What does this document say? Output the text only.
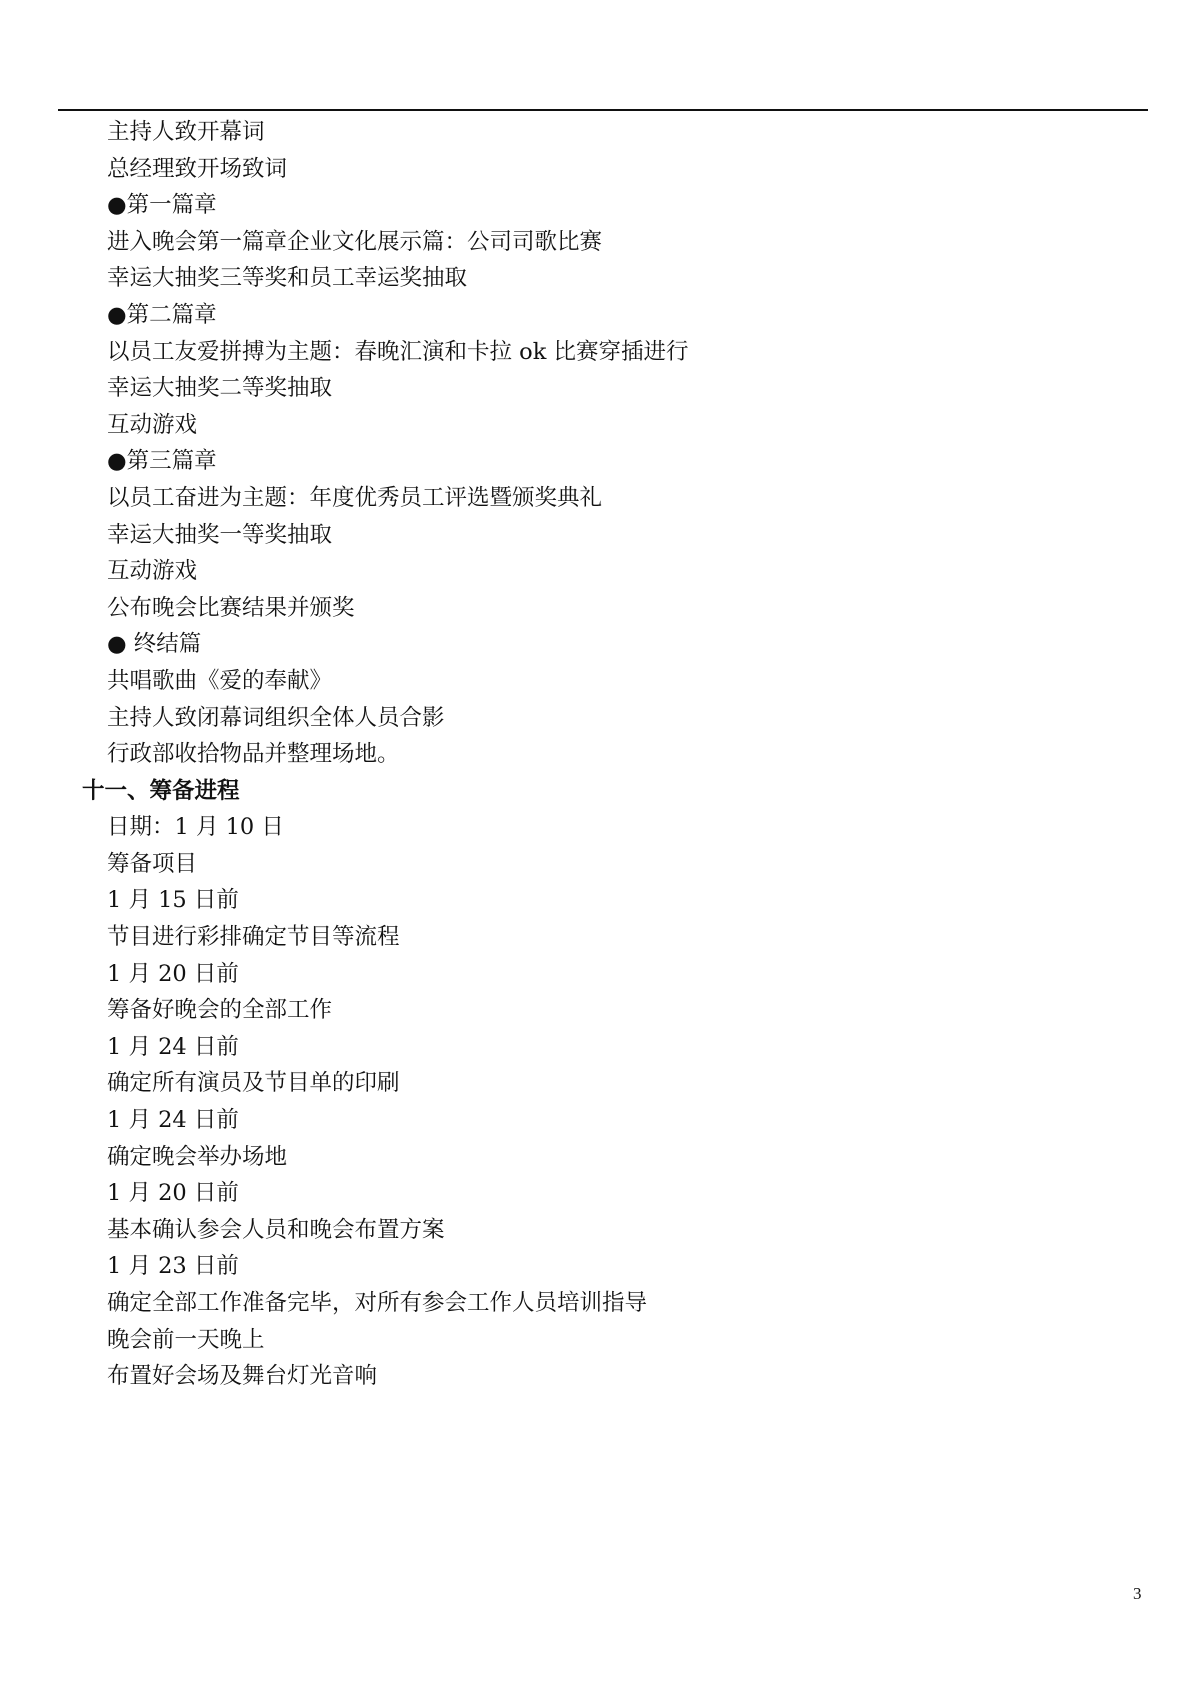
主持人致开幕词
总经理致开场致词
●第一篇章
进入晚会第一篇章企业文化展示篇：公司司歌比赛
幸运大抽奖三等奖和员工幸运奖抽取
●第二篇章
以员工友爱拼搏为主题：春晚汇演和卡拉 ok 比赛穿插进行
幸运大抽奖二等奖抽取
互动游戏
●第三篇章
以员工奋进为主题：年度优秀员工评选暨颁奖典礼
幸运大抽奖一等奖抽取
互动游戏
公布晚会比赛结果并颁奖
● 终结篇
共唱歌曲《爱的奉献》
主持人致闭幕词组织全体人员合影
行政部收拾物品并整理场地。
十一、筹备进程
日期：1 月 10 日
筹备项目
1 月 15 日前
节目进行彩排确定节目等流程
1 月 20 日前
筹备好晚会的全部工作
1 月 24 日前
确定所有演员及节目单的印刷
1 月 24 日前
确定晚会举办场地
1 月 20 日前
基本确认参会人员和晚会布置方案
1 月 23 日前
确定全部工作准备完毕，对所有参会工作人员培训指导
晚会前一天晚上
布置好会场及舞台灯光音响
3
